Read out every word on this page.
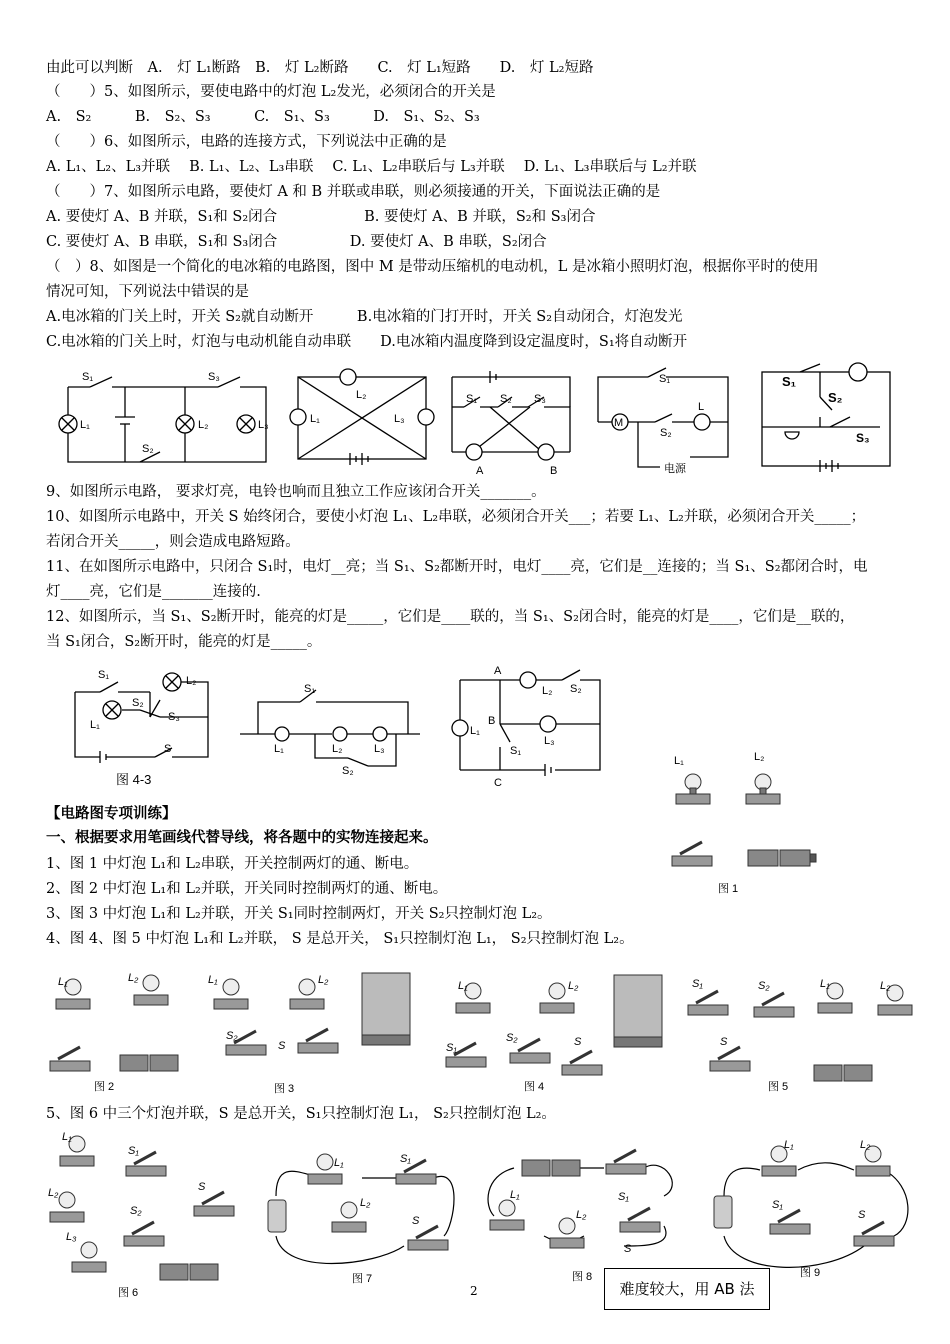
由此可以判断　A.　灯 L₁断路　B.　灯 L₂断路　　C.　灯 L₁短路　　D.　灯 L₂短路
（　　）5、如图所示，要使电路中的灯泡 L₂发光，必须闭合的开关是
A.　S₂　　　B.　S₂、S₃　　　C.　S₁、S₃　　　D.　S₁、S₂、S₃
（　　）6、如图所示，电路的连接方式，下列说法中正确的是
A. L₁、L₂、L₃并联　 B. L₁、L₂、L₃串联　 C. L₁、L₂串联后与 L₃并联　 D. L₁、L₃串联后与 L₂并联
（　　）7、如图所示电路，要使灯 A 和 B 并联或串联，则必须接通的开关，下面说法正确的是
A. 要使灯 A、B 并联，S₁和 S₂闭合　　　　　　B. 要使灯 A、B 并联，S₂和 S₃闭合
C. 要使灯 A、B 串联，S₁和 S₃闭合　　　　　D. 要使灯 A、B 串联，S₂闭合
（　）8、如图是一个简化的电冰箱的电路图，图中 M 是带动压缩机的电动机，L 是冰箱小照明灯泡，根据你平时的使用
情况可知，下列说法中错误的是
A.电冰箱的门关上时，开关 S₂就自动断开　　　B.电冰箱的门打开时，开关 S₂自动闭合，灯泡发光
C.电冰箱的门关上时，灯泡与电动机能自动串联　　D.电冰箱内温度降到设定温度时，S₁将自动断开
S₁	S₃
L₁	L₂	L₃
S₂
L₂
L₁	L₃
S₁ S₂ S₃
A	B
S₁
M
S₂
L
电源
S₁
S₂
S₃
9、如图所示电路， 要求灯亮，电铃也响而且独立工作应该闭合开关_______。
10、如图所示电路中，开关 S 始终闭合，要使小灯泡 L₁、L₂串联，必须闭合开关___；若要 L₁、L₂并联，必须闭合开关_____；
若闭合开关_____，则会造成电路短路。
11、在如图所示电路中，只闭合 S₁时，电灯__亮；当 S₁、S₂都断开时，电灯____亮，它们是__连接的；当 S₁、S₂都闭合时，电
灯____亮，它们是_______连接的.
12、如图所示，当 S₁、S₂断开时，能亮的灯是_____，它们是____联的，当 S₁、S₂闭合时，能亮的灯是____，它们是__联的，
当 S₁闭合，S₂断开时，能亮的灯是_____。
S₁	L₂
S₂
L₁
S₃
S
图 4-3
S₁
L₁	L₂	L₃
S₂
A
L₂ S₂
B
L₁
L₃
S₁
C
【电路图专项训练】
一、根据要求用笔画线代替导线，将各题中的实物连接起来。
1、图 1 中灯泡 L₁和 L₂串联，开关控制两灯的通、断电。
2、图 2 中灯泡 L₁和 L₂并联，开关同时控制两灯的通、断电。
3、图 3 中灯泡 L₁和 L₂并联，开关 S₁同时控制两灯，开关 S₂只控制灯泡 L₂。
4、图 4、图 5 中灯泡 L₁和 L₂并联， S 是总开关， S₁只控制灯泡 L₁， S₂只控制灯泡 L₂。
L₁	L₂
图 1
L₁	L₂	L₁	L₂
S₂
S
L₁	L₂
S₁
S₂	S
S₁	S₂	L₁	L₂
S
图 2	图 3	图 4	图 5
5、图 6 中三个灯泡并联，S 是总开关，S₁只控制灯泡 L₁， S₂只控制灯泡 L₂。
L₁
L₂
L₃
S₁
S
S₂
L₁	S₁
L₂
S
L₁	S₁
L₂
S
L₁	L₂
S₁
S
图 6
图 7	图 8	图 9
2	难度较大，用 AB 法
